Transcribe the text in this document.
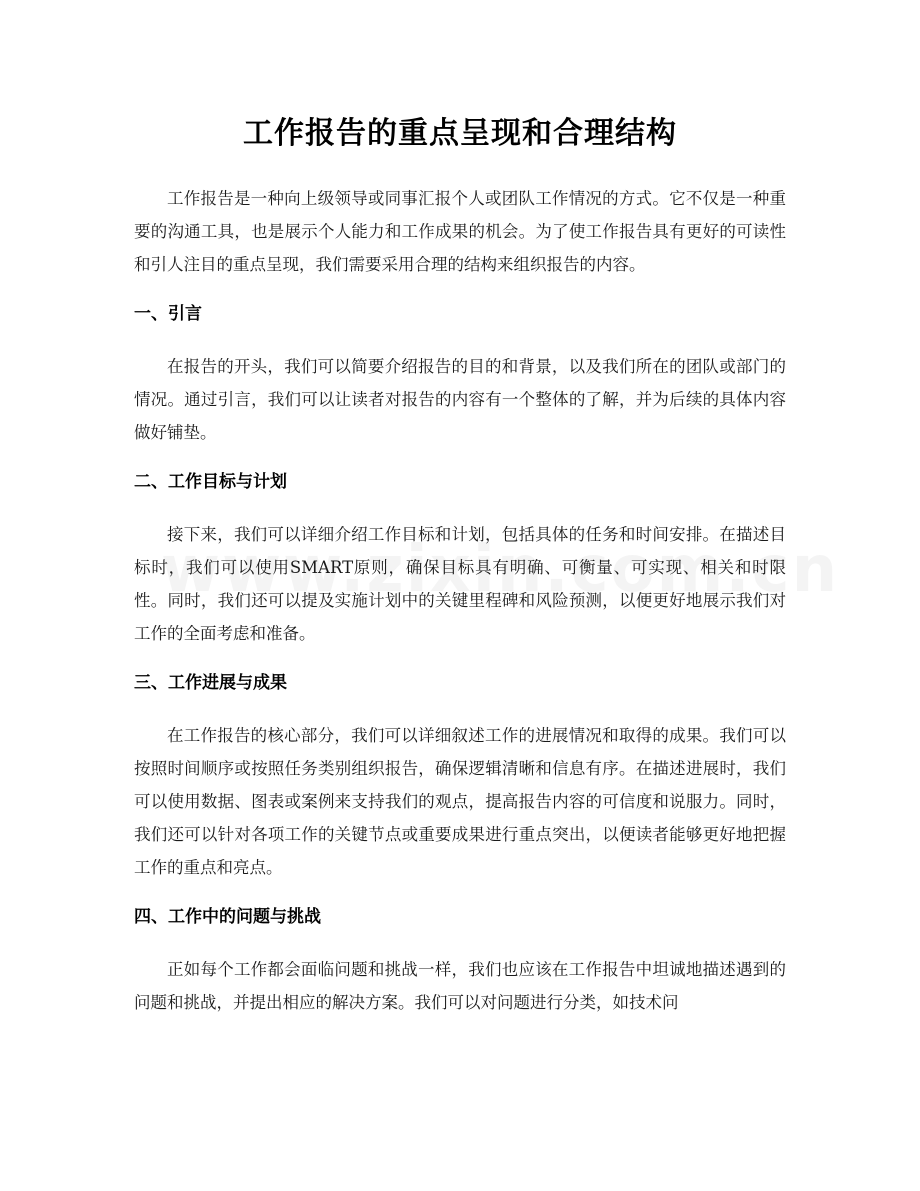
工作报告的重点呈现和合理结构

工作报告是一种向上级领导或同事汇报个人或团队工作情况的方式。它不仅是一种重要的沟通工具，也是展示个人能力和工作成果的机会。为了使工作报告具有更好的可读性和引人注目的重点呈现，我们需要采用合理的结构来组织报告的内容。

一、引言

在报告的开头，我们可以简要介绍报告的目的和背景，以及我们所在的团队或部门的情况。通过引言，我们可以让读者对报告的内容有一个整体的了解，并为后续的具体内容做好铺垫。

二、工作目标与计划

接下来，我们可以详细介绍工作目标和计划，包括具体的任务和时间安排。在描述目标时，我们可以使用SMART原则，确保目标具有明确、可衡量、可实现、相关和时限性。同时，我们还可以提及实施计划中的关键里程碑和风险预测，以便更好地展示我们对工作的全面考虑和准备。

三、工作进展与成果

在工作报告的核心部分，我们可以详细叙述工作的进展情况和取得的成果。我们可以按照时间顺序或按照任务类别组织报告，确保逻辑清晰和信息有序。在描述进展时，我们可以使用数据、图表或案例来支持我们的观点，提高报告内容的可信度和说服力。同时，我们还可以针对各项工作的关键节点或重要成果进行重点突出，以便读者能够更好地把握工作的重点和亮点。

四、工作中的问题与挑战

正如每个工作都会面临问题和挑战一样，我们也应该在工作报告中坦诚地描述遇到的问题和挑战，并提出相应的解决方案。我们可以对问题进行分类，如技术问
